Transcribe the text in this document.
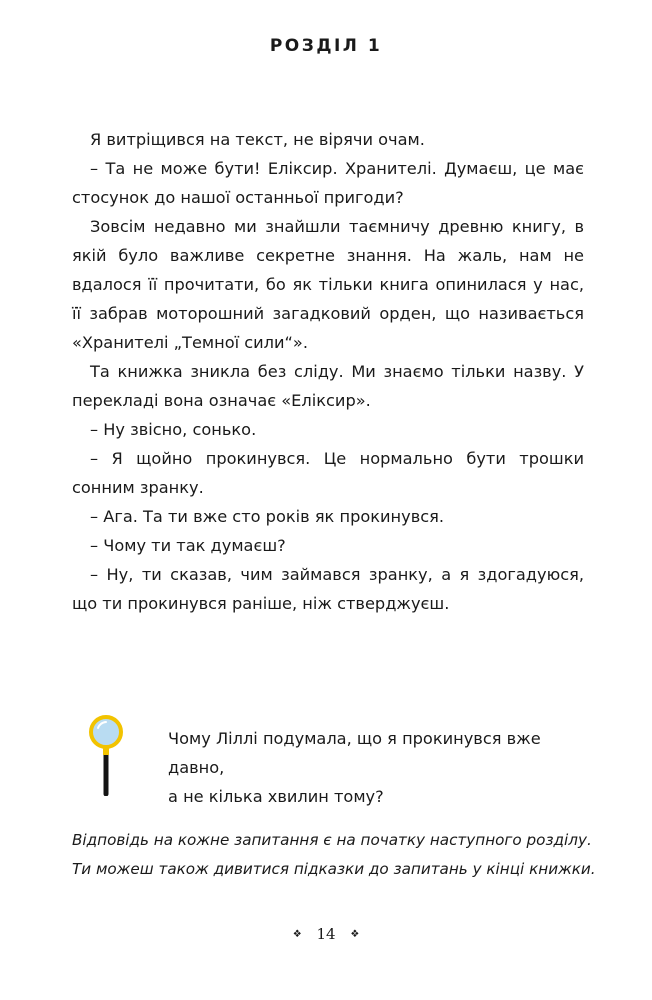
РОЗДІЛ 1

Я витріщився на текст, не вірячи очам.

– Та не може бути! Еліксир. Хранителі. Думаєш, це має стосунок до нашої останньої пригоди?

Зовсім недавно ми знайшли таємничу древню книгу, в якій було важливе секретне знання. На жаль, нам не вдалося її прочитати, бо як тільки книга опинилася у нас, її забрав моторошний загадковий орден, що називається «Хранителі „Темної сили“».

Та книжка зникла без сліду. Ми знаємо тільки назву. У перекладі вона означає «Еліксир».

– Ну звісно, сонько.

– Я щойно прокинувся. Це нормально бути трошки сонним зранку.

– Ага. Та ти вже сто років як прокинувся.

– Чому ти так думаєш?

– Ну, ти сказав, чим займався зранку, а я здогадуюся, що ти прокинувся раніше, ніж стверджуєш.

Чому Ліллі подумала, що я прокинувся вже давно,
а не кілька хвилин тому?
Відповідь на кожне запитання є на початку наступного розділу.
Ти можеш також дивитися підказки до запитань у кінці книжки.
❖ 14 ❖
